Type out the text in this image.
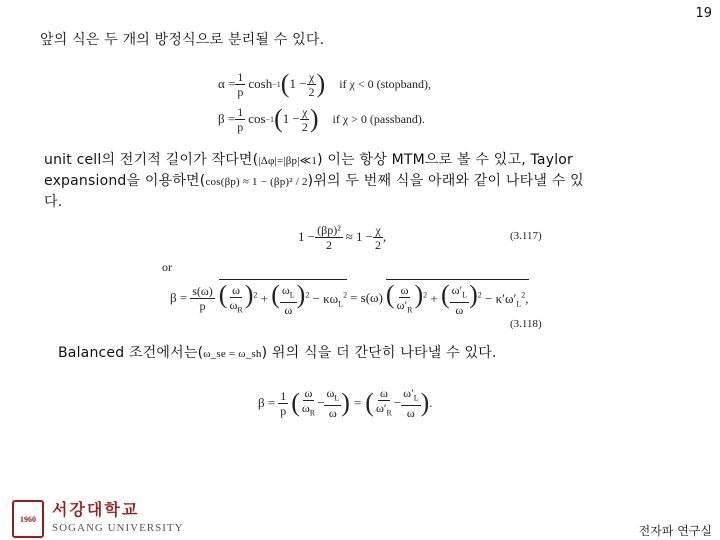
19
앞의 식은 두 개의 방정식으로 분리될 수 있다.
$\alpha = \frac{1}{p}$ cosh −1 ( $1 - \frac{\chi}{2}$ ) if χ < 0 (stopband),
$\beta = \frac{1}{p}$ cos −1 ( $1 - \frac{\chi}{2}$ ) if χ > 0 (passband).
unit cell의 전기적 길이가 작다면(|Δφ|=|βp|≪1) 이는 항상 MTM으로 볼 수 있고, Taylor
expansiond을 이용하면(cos(βp) ≈ 1 − (βp)² / 2)위의 두 번째 식을 아래와 같이 나타낼 수 있
다.
$1 - \frac{\text{(βp)²}}{2} \approx 1 - \frac{\chi}{2}$ ,	(3.117)
or
$\beta = \frac{s(\omega)}{p}$ ( $\frac{\omega}{\omega_R} )^2$ + ( $\frac{\omega_L}{\omega} )^2 - \kappa\omega_L^2 = s(\omega)$ ( $\frac{\omega}{\omega'_R} )^2$ + ( $\frac{\omega'_L}{\omega} )^2 - \kappa'\omega'_L^2$,
(3.118)
Balanced 조건에서는(ω_se = ω_sh) 위의 식을 더 간단히 나타낼 수 있다.
$\beta = \frac{1}{p}$ ( $\frac{\omega}{\omega_R} - \frac{\omega_L}{\omega}$ ) = ( $\frac{\omega}{\omega'_R} - \frac{\omega'_L}{\omega}$ ) .
1960	서강대학교
SOGANG UNIVERSITY	전자파 연구실
